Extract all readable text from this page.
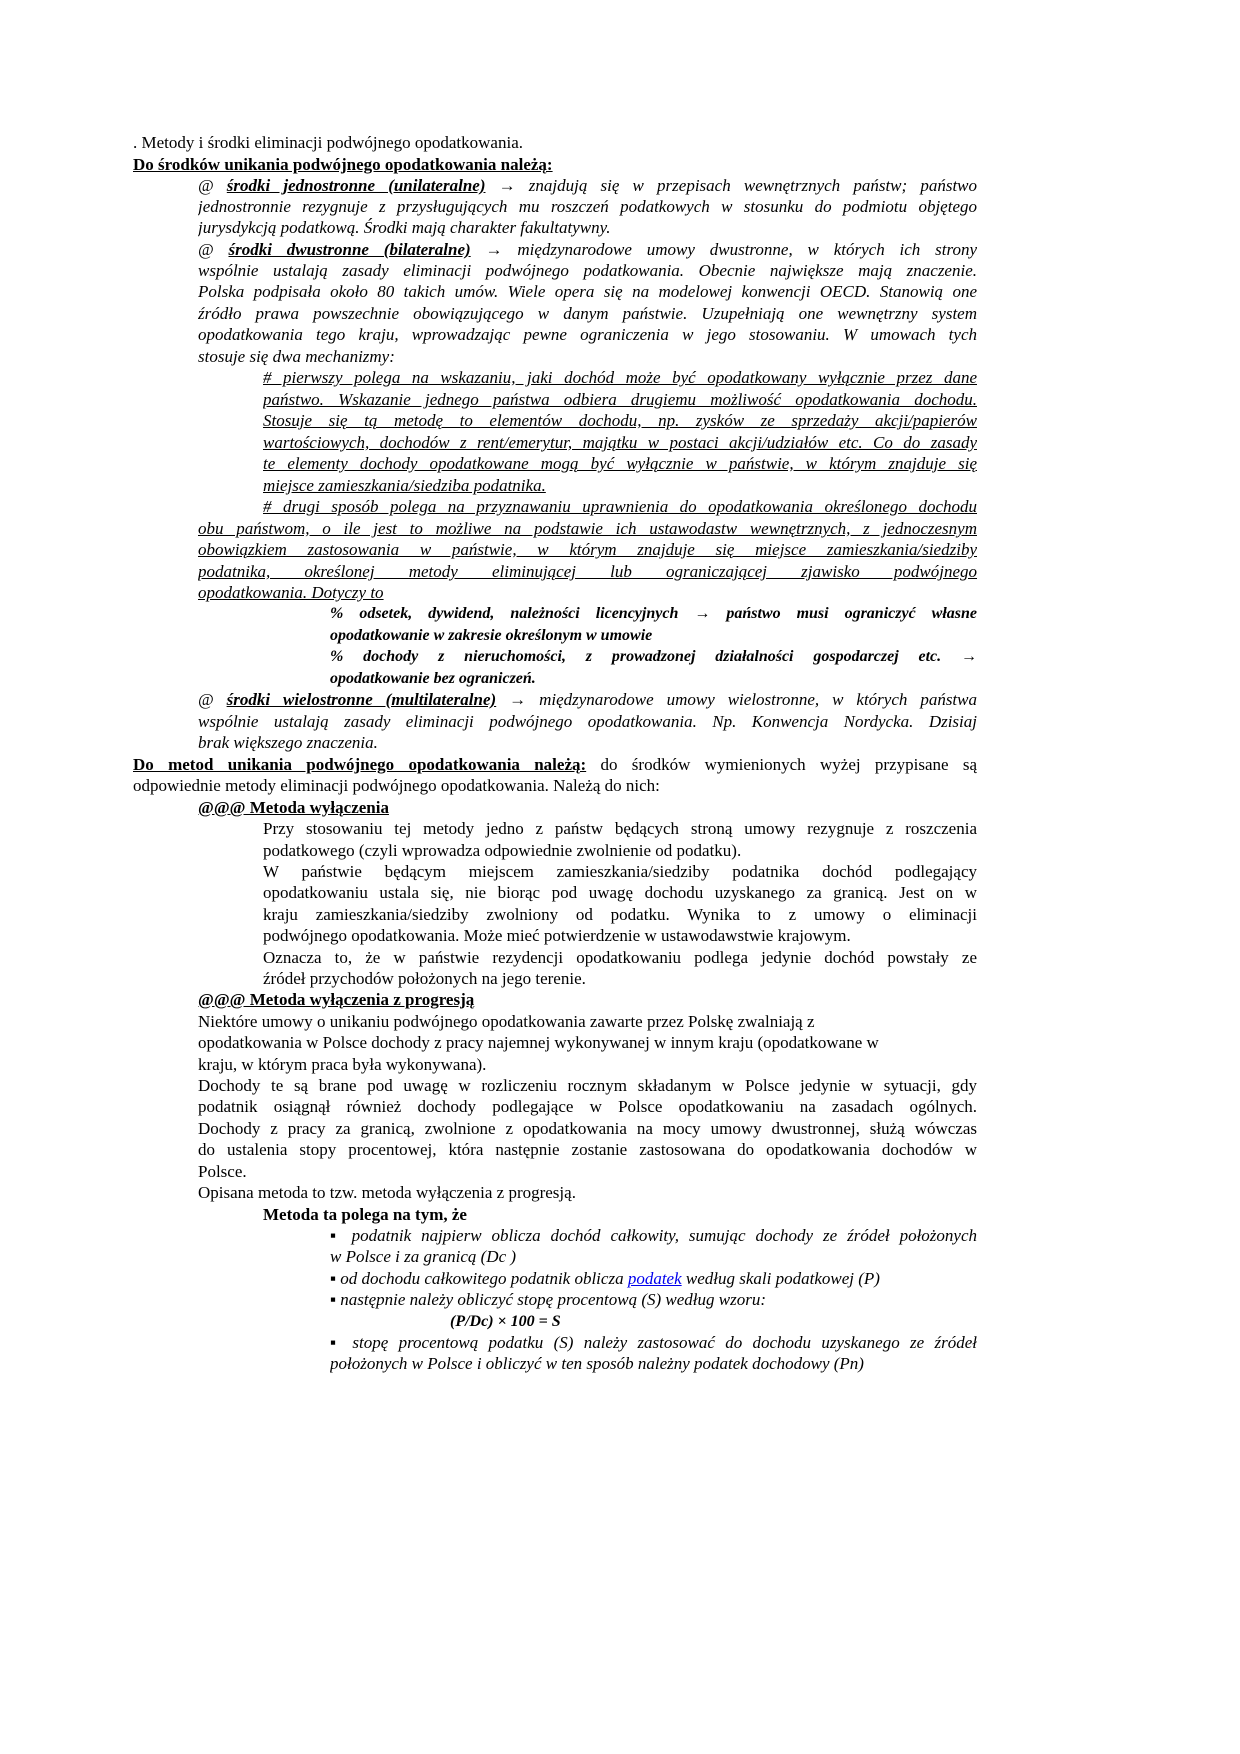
. Metody i środki eliminacji podwójnego opodatkowania.
Do środków unikania podwójnego opodatkowania należą:
@ środki jednostronne (unilateralne) → znajdują się w przepisach wewnętrznych państw; państwo
jednostronnie rezygnuje z przysługujących mu roszczeń podatkowych w stosunku do podmiotu objętego
jurysdykcją podatkową. Środki mają charakter fakultatywny.
@ środki dwustronne (bilateralne) → międzynarodowe umowy dwustronne, w których ich strony
wspólnie ustalają zasady eliminacji podwójnego podatkowania. Obecnie największe mają znaczenie.
Polska podpisała około 80 takich umów. Wiele opera się na modelowej konwencji OECD. Stanowią one
źródło prawa powszechnie obowiązującego w danym państwie. Uzupełniają one wewnętrzny system
opodatkowania tego kraju, wprowadzając pewne ograniczenia w jego stosowaniu. W umowach tych
stosuje się dwa mechanizmy:
# pierwszy polega na wskazaniu, jaki dochód może być opodatkowany wyłącznie przez dane
państwo. Wskazanie jednego państwa odbiera drugiemu możliwość opodatkowania dochodu.
Stosuje się tą metodę to elementów dochodu, np. zysków ze sprzedaży akcji/papierów
wartościowych, dochodów z rent/emerytur, majątku w postaci akcji/udziałów etc. Co do zasady
te elementy dochody opodatkowane mogą być wyłącznie w państwie, w którym znajduje się
miejsce zamieszkania/siedziba podatnika.
# drugi sposób polega na przyznawaniu uprawnienia do opodatkowania określonego dochodu
obu państwom, o ile jest to możliwe na podstawie ich ustawodastw wewnętrznych, z jednoczesnym
obowiązkiem zastosowania w państwie, w którym znajduje się miejsce zamieszkania/siedziby
podatnika, określonej metody eliminującej lub ograniczającej zjawisko podwójnego
opodatkowania. Dotyczy to
% odsetek, dywidend, należności licencyjnych → państwo musi ograniczyć własne
opodatkowanie w zakresie określonym w umowie
% dochody z nieruchomości, z prowadzonej działalności gospodarczej etc. →
opodatkowanie bez ograniczeń.
@ środki wielostronne (multilateralne) → międzynarodowe umowy wielostronne, w których państwa
wspólnie ustalają zasady eliminacji podwójnego opodatkowania. Np. Konwencja Nordycka. Dzisiaj
brak większego znaczenia.
Do metod unikania podwójnego opodatkowania należą: do środków wymienionych wyżej przypisane są
odpowiednie metody eliminacji podwójnego opodatkowania. Należą do nich:
@@@ Metoda wyłączenia
Przy stosowaniu tej metody jedno z państw będących stroną umowy rezygnuje z roszczenia
podatkowego (czyli wprowadza odpowiednie zwolnienie od podatku).
W państwie będącym miejscem zamieszkania/siedziby podatnika dochód podlegający
opodatkowaniu ustala się, nie biorąc pod uwagę dochodu uzyskanego za granicą. Jest on w
kraju zamieszkania/siedziby zwolniony od podatku. Wynika to z umowy o eliminacji
podwójnego opodatkowania. Może mieć potwierdzenie w ustawodawstwie krajowym.
Oznacza to, że w państwie rezydencji opodatkowaniu podlega jedynie dochód powstały ze
źródeł przychodów położonych na jego terenie.
@@@ Metoda wyłączenia z progresją
Niektóre umowy o unikaniu podwójnego opodatkowania zawarte przez Polskę zwalniają z
opodatkowania w Polsce dochody z pracy najemnej wykonywanej w innym kraju (opodatkowane w
kraju, w którym praca była wykonywana).
Dochody te są brane pod uwagę w rozliczeniu rocznym składanym w Polsce jedynie w sytuacji, gdy
podatnik osiągnął również dochody podlegające w Polsce opodatkowaniu na zasadach ogólnych.
Dochody z pracy za granicą, zwolnione z opodatkowania na mocy umowy dwustronnej, służą wówczas
do ustalenia stopy procentowej, która następnie zostanie zastosowana do opodatkowania dochodów w
Polsce.
Opisana metoda to tzw. metoda wyłączenia z progresją.
Metoda ta polega na tym, że
▪ podatnik najpierw oblicza dochód całkowity, sumując dochody ze źródeł położonych
w Polsce i za granicą (Dc )
▪ od dochodu całkowitego podatnik oblicza podatek według skali podatkowej (P)
▪ następnie należy obliczyć stopę procentową (S) według wzoru:
(P/Dc) × 100 = S
▪ stopę procentową podatku (S) należy zastosować do dochodu uzyskanego ze źródeł
położonych w Polsce i obliczyć w ten sposób należny podatek dochodowy (Pn)
